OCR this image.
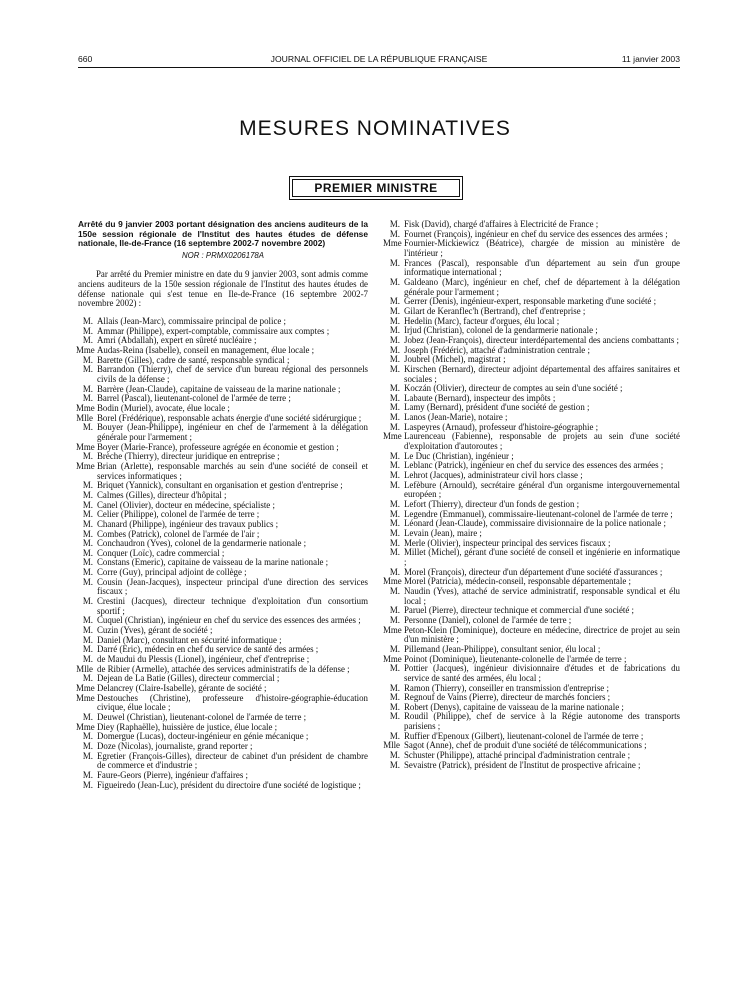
660	JOURNAL OFFICIEL DE LA RÉPUBLIQUE FRANÇAISE	11 janvier 2003
MESURES NOMINATIVES
PREMIER MINISTRE
Arrêté du 9 janvier 2003 portant désignation des anciens auditeurs de la 150e session régionale de l'Institut des hautes études de défense nationale, Ile-de-France (16 septembre 2002-7 novembre 2002)
NOR : PRMX0206178A

Par arrêté du Premier ministre en date du 9 janvier 2003, sont admis comme anciens auditeurs de la 150e session régionale de l'Institut des hautes études de défense nationale qui s'est tenue en Ile-de-France (16 septembre 2002-7 novembre 2002) :

M. Allais (Jean-Marc), commissaire principal de police ;
M. Ammar (Philippe), expert-comptable, commissaire aux comptes ;
M. Amri (Abdallah), expert en sûreté nucléaire ;
Mme Audas-Reina (Isabelle), conseil en management, élue locale ;
M. Barette (Gilles), cadre de santé, responsable syndical ;
M. Barrandon (Thierry), chef de service d'un bureau régional des personnels civils de la défense ;
M. Barrère (Jean-Claude), capitaine de vaisseau de la marine nationale ;
M. Barrel (Pascal), lieutenant-colonel de l'armée de terre ;
Mme Bodin (Muriel), avocate, élue locale ;
Mlle Borel (Frédérique), responsable achats énergie d'une société sidérurgique ;
M. Bouyer (Jean-Philippe), ingénieur en chef de l'armement à la délégation générale pour l'armement ;
Mme Boyer (Marie-France), professeure agrégée en économie et gestion ;
M. Brèche (Thierry), directeur juridique en entreprise ;
Mme Brian (Arlette), responsable marchés au sein d'une société de conseil et services informatiques ;
M. Briquet (Yannick), consultant en organisation et gestion d'entreprise ;
M. Calmes (Gilles), directeur d'hôpital ;
M. Canel (Olivier), docteur en médecine, spécialiste ;
M. Celier (Philippe), colonel de l'armée de terre ;
M. Chanard (Philippe), ingénieur des travaux publics ;
M. Combes (Patrick), colonel de l'armée de l'air ;
M. Conchaudron (Yves), colonel de la gendarmerie nationale ;
M. Conquer (Loïc), cadre commercial ;
M. Constans (Emeric), capitaine de vaisseau de la marine nationale ;
M. Corre (Guy), principal adjoint de collège ;
M. Cousin (Jean-Jacques), inspecteur principal d'une direction des services fiscaux ;
M. Crestini (Jacques), directeur technique d'exploitation d'un consortium sportif ;
M. Cuquel (Christian), ingénieur en chef du service des essences des armées ;
M. Cuzin (Yves), gérant de société ;
M. Daniel (Marc), consultant en sécurité informatique ;
M. Darré (Eric), médecin en chef du service de santé des armées ;
M. de Maudui du Plessis (Lionel), ingénieur, chef d'entreprise ;
Mlle de Ribier (Armelle), attachée des services administratifs de la défense ;
M. Dejean de La Batie (Gilles), directeur commercial ;
Mme Delancrey (Claire-Isabelle), gérante de société ;
Mme Destouches (Christine), professeure d'histoire-géographie-éducation civique, élue locale ;
M. Deuwel (Christian), lieutenant-colonel de l'armée de terre ;
Mme Diey (Raphaëlle), huissière de justice, élue locale ;
M. Domergue (Lucas), docteur-ingénieur en génie mécanique ;
M. Doze (Nicolas), journaliste, grand reporter ;
M. Egretier (François-Gilles), directeur de cabinet d'un président de chambre de commerce et d'industrie ;
M. Faure-Geors (Pierre), ingénieur d'affaires ;
M. Figueiredo (Jean-Luc), président du directoire d'une société de logistique ;
M. Fisk (David), chargé d'affaires à Electricité de France ;
M. Fournet (François), ingénieur en chef du service des essences des armées ;
Mme Fournier-Mickiewicz (Béatrice), chargée de mission au ministère de l'intérieur ;
M. Frances (Pascal), responsable d'un département au sein d'un groupe informatique international ;
M. Galdeano (Marc), ingénieur en chef, chef de département à la délégation générale pour l'armement ;
M. Gerrer (Denis), ingénieur-expert, responsable marketing d'une société ;
M. Gilart de Keranflec'h (Bertrand), chef d'entreprise ;
M. Hedelin (Marc), facteur d'orgues, élu local ;
M. Irjud (Christian), colonel de la gendarmerie nationale ;
M. Jobez (Jean-François), directeur interdépartemental des anciens combattants ;
M. Joseph (Frédéric), attaché d'administration centrale ;
M. Joubrel (Michel), magistrat ;
M. Kirschen (Bernard), directeur adjoint départemental des affaires sanitaires et sociales ;
M. Koczán (Olivier), directeur de comptes au sein d'une société ;
M. Labaute (Bernard), inspecteur des impôts ;
M. Lamy (Bernard), président d'une société de gestion ;
M. Lanos (Jean-Marie), notaire ;
M. Laspeyres (Arnaud), professeur d'histoire-géographie ;
Mme Laurenceau (Fabienne), responsable de projets au sein d'une société d'exploitation d'autoroutes ;
M. Le Duc (Christian), ingénieur ;
M. Leblanc (Patrick), ingénieur en chef du service des essences des armées ;
M. Lehrot (Jacques), administrateur civil hors classe ;
M. Lefèbure (Arnould), secrétaire général d'un organisme intergouvernemental européen ;
M. Lefort (Thierry), directeur d'un fonds de gestion ;
M. Legendre (Emmanuel), commissaire-lieutenant-colonel de l'armée de terre ;
M. Léonard (Jean-Claude), commissaire divisionnaire de la police nationale ;
M. Levain (Jean), maire ;
M. Merle (Olivier), inspecteur principal des services fiscaux ;
M. Millet (Michel), gérant d'une société de conseil et ingénierie en informatique ;
M. Morel (François), directeur d'un département d'une société d'assurances ;
Mme Morel (Patricia), médecin-conseil, responsable départementale ;
M. Naudin (Yves), attaché de service administratif, responsable syndical et élu local ;
M. Paruel (Pierre), directeur technique et commercial d'une société ;
M. Personne (Daniel), colonel de l'armée de terre ;
Mme Peton-Klein (Dominique), docteure en médecine, directrice de projet au sein d'un ministère ;
M. Pillemand (Jean-Philippe), consultant senior, élu local ;
Mme Poinot (Dominique), lieutenante-colonelle de l'armée de terre ;
M. Pottier (Jacques), ingénieur divisionnaire d'études et de fabrications du service de santé des armées, élu local ;
M. Ramon (Thierry), conseiller en transmission d'entreprise ;
M. Regnouf de Vains (Pierre), directeur de marchés fonciers ;
M. Robert (Denys), capitaine de vaisseau de la marine nationale ;
M. Roudil (Philippe), chef de service à la Régie autonome des transports parisiens ;
M. Ruffier d'Epenoux (Gilbert), lieutenant-colonel de l'armée de terre ;
Mlle Sagot (Anne), chef de produit d'une société de télécommunications ;
M. Schuster (Philippe), attaché principal d'administration centrale ;
M. Sevaistre (Patrick), président de l'Institut de prospective africaine ;
